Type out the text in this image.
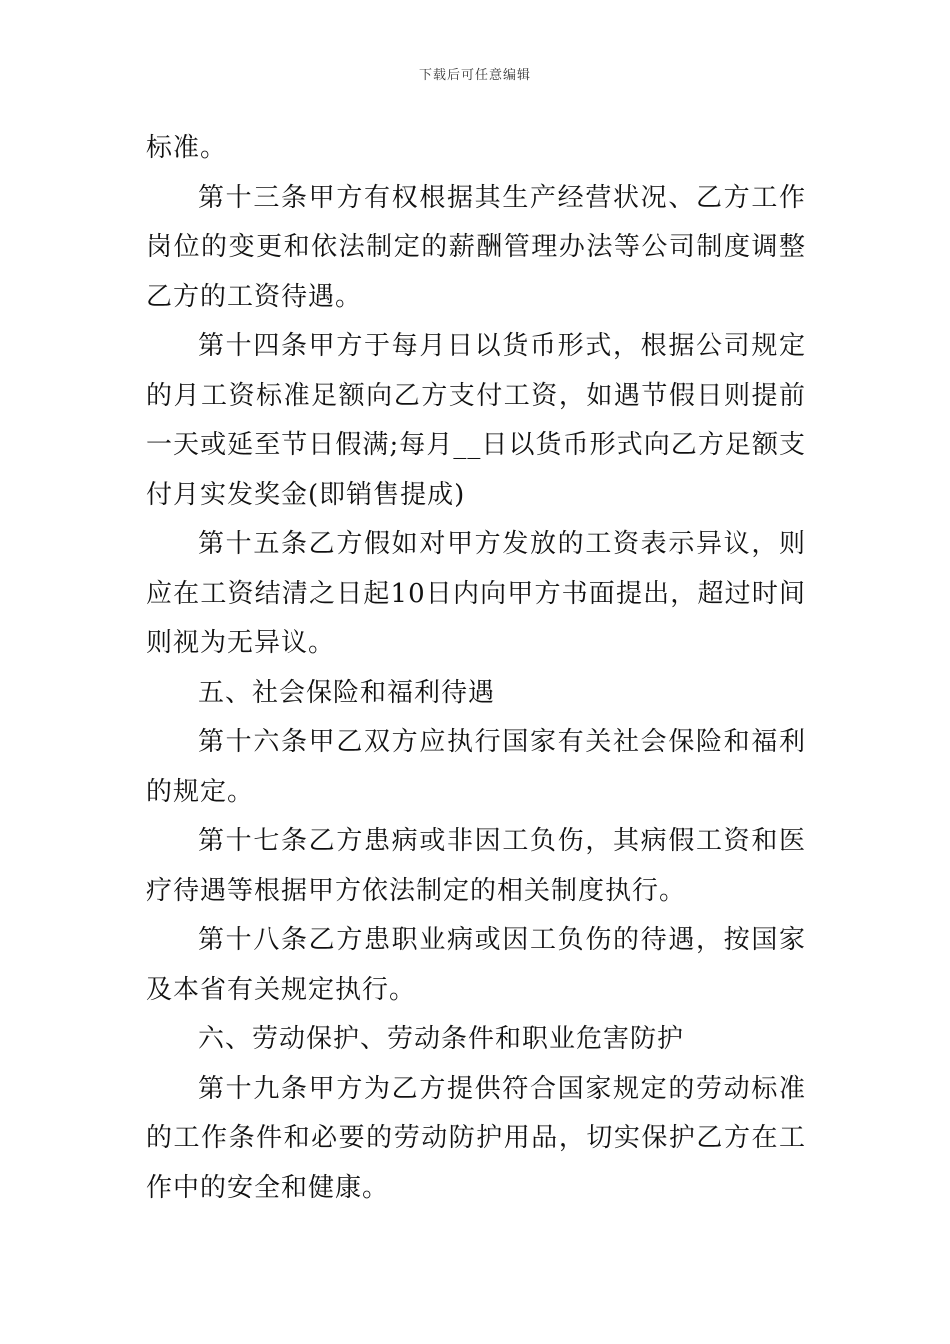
下载后可任意编辑

标准。

第十三条甲方有权根据其生产经营状况、乙方工作岗位的变更和依法制定的薪酬管理办法等公司制度调整乙方的工资待遇。

第十四条甲方于每月日以货币形式，根据公司规定的月工资标准足额向乙方支付工资，如遇节假日则提前一天或延至节日假满;每月__日以货币形式向乙方足额支付月实发奖金(即销售提成)

第十五条乙方假如对甲方发放的工资表示异议，则应在工资结清之日起10日内向甲方书面提出，超过时间则视为无异议。

五、社会保险和福利待遇

第十六条甲乙双方应执行国家有关社会保险和福利的规定。

第十七条乙方患病或非因工负伤，其病假工资和医疗待遇等根据甲方依法制定的相关制度执行。

第十八条乙方患职业病或因工负伤的待遇，按国家及本省有关规定执行。

六、劳动保护、劳动条件和职业危害防护

第十九条甲方为乙方提供符合国家规定的劳动标准的工作条件和必要的劳动防护用品，切实保护乙方在工作中的安全和健康。
